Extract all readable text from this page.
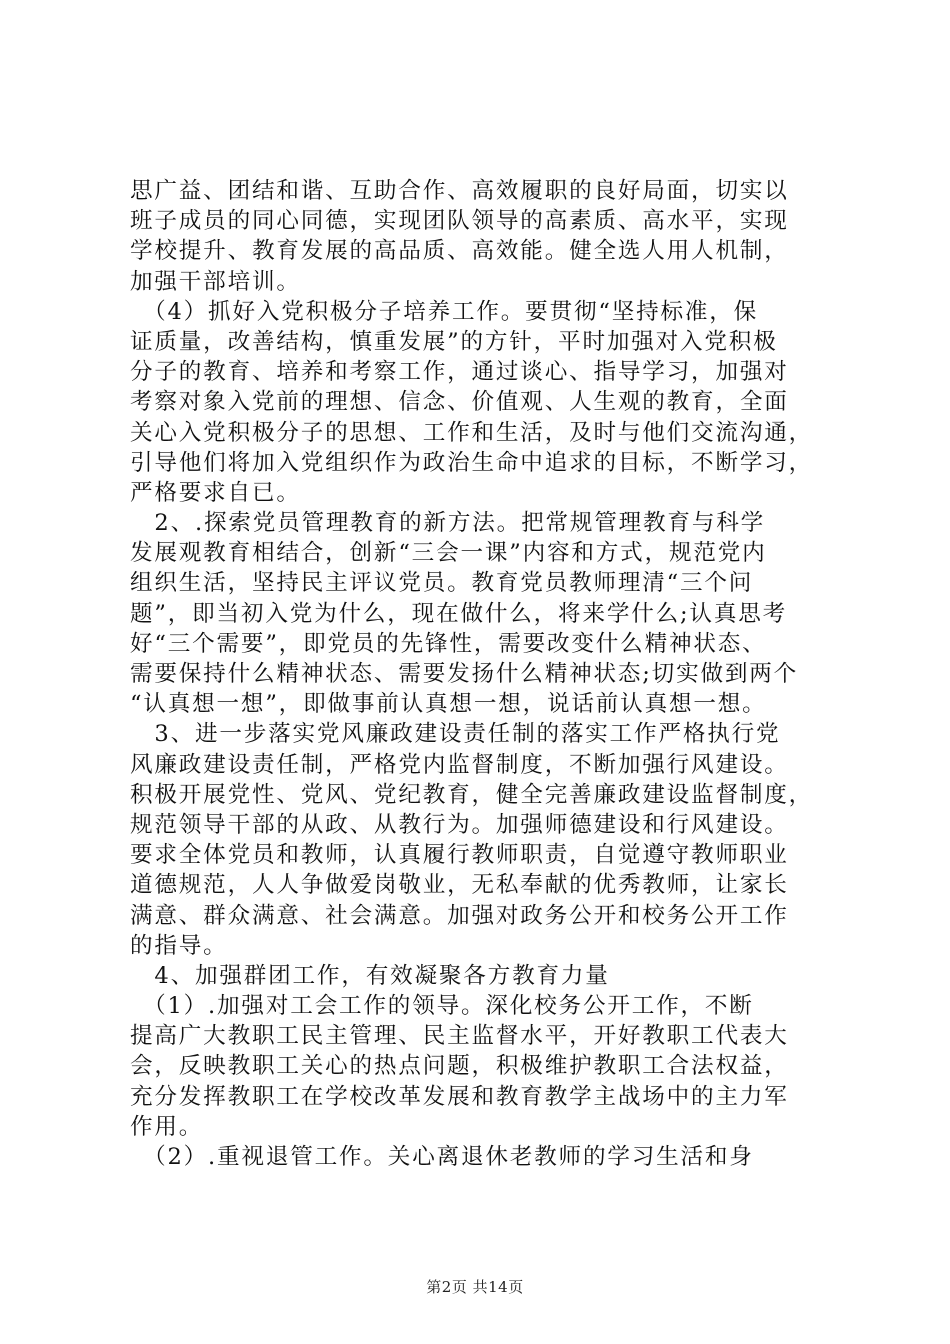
思广益、团结和谐、互助合作、高效履职的良好局面，切实以
班子成员的同心同德，实现团队领导的高素质、高水平，实现
学校提升、教育发展的高品质、高效能。健全选人用人机制，
加强干部培训。
　（4）抓好入党积极分子培养工作。要贯彻“坚持标准，保
证质量，改善结构，慎重发展”的方针，平时加强对入党积极
分子的教育、培养和考察工作，通过谈心、指导学习，加强对
考察对象入党前的理想、信念、价值观、人生观的教育，全面
关心入党积极分子的思想、工作和生活，及时与他们交流沟通，
引导他们将加入党组织作为政治生命中追求的目标，不断学习，
严格要求自已。
　2、.探索党员管理教育的新方法。把常规管理教育与科学
发展观教育相结合，创新“三会一课”内容和方式，规范党内
组织生活，坚持民主评议党员。教育党员教师理清“三个问
题”，即当初入党为什么，现在做什么，将来学什么;认真思考
好“三个需要”，即党员的先锋性，需要改变什么精神状态、
需要保持什么精神状态、需要发扬什么精神状态;切实做到两个
“认真想一想”，即做事前认真想一想，说话前认真想一想。
　3、进一步落实党风廉政建设责任制的落实工作严格执行党
风廉政建设责任制，严格党内监督制度，不断加强行风建设。
积极开展党性、党风、党纪教育，健全完善廉政建设监督制度，
规范领导干部的从政、从教行为。加强师德建设和行风建设。
要求全体党员和教师，认真履行教师职责，自觉遵守教师职业
道德规范，人人争做爱岗敬业，无私奉献的优秀教师，让家长
满意、群众满意、社会满意。加强对政务公开和校务公开工作
的指导。
　4、加强群团工作，有效凝聚各方教育力量
　（1）.加强对工会工作的领导。深化校务公开工作，不断
提高广大教职工民主管理、民主监督水平，开好教职工代表大
会，反映教职工关心的热点问题，积极维护教职工合法权益，
充分发挥教职工在学校改革发展和教育教学主战场中的主力军
作用。
　（2）.重视退管工作。关心离退休老教师的学习生活和身
第2页 共14页
